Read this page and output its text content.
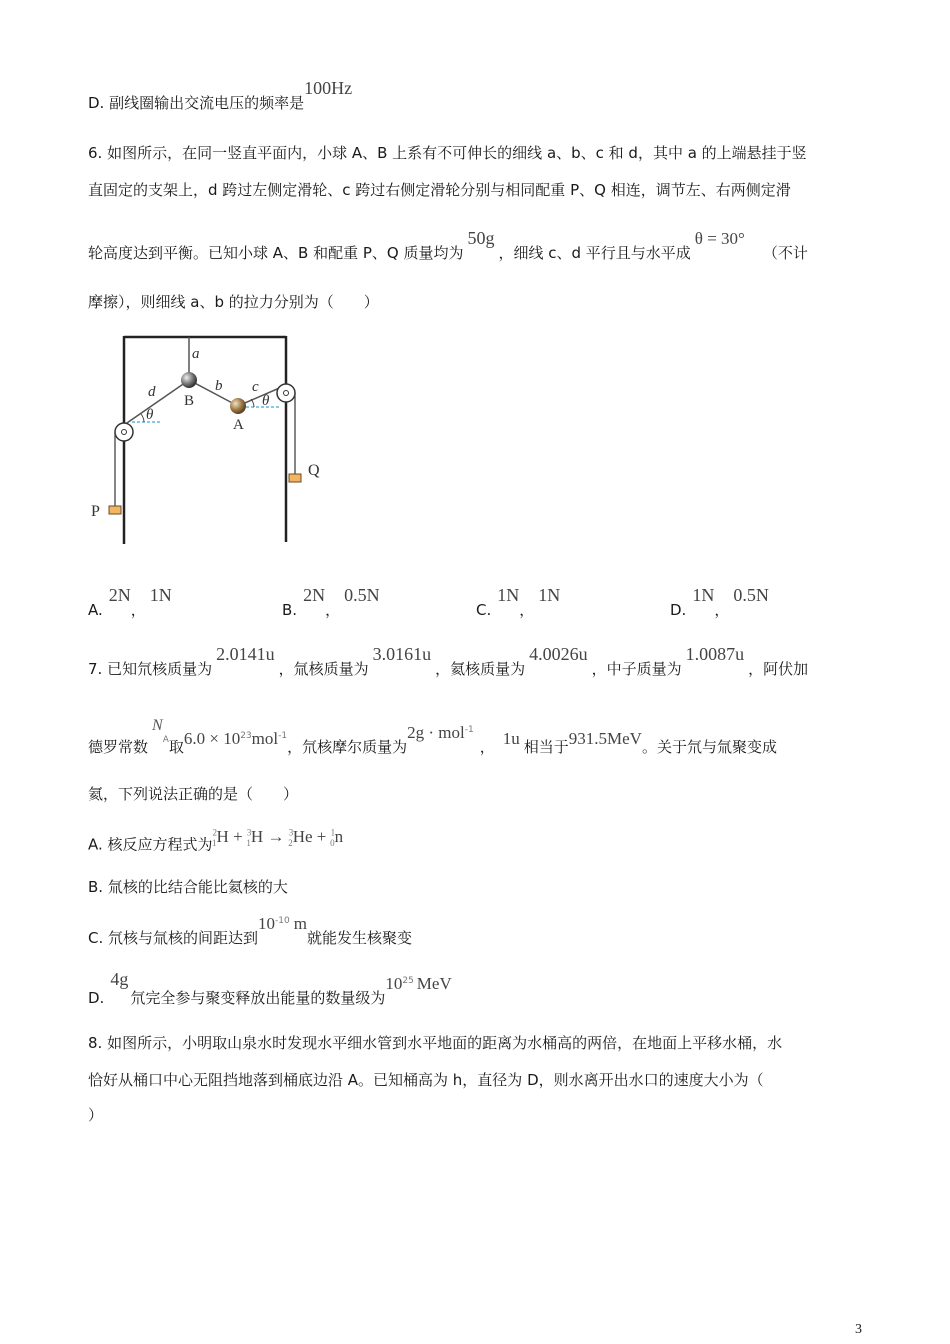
D. 副线圈输出交流电压的频率是100Hz
6. 如图所示，在同一竖直平面内，小球 A、B 上系有不可伸长的细线 a、b、c 和 d，其中 a 的上端悬挂于竖
直固定的支架上，d 跨过左侧定滑轮、c 跨过右侧定滑轮分别与相同配重 P、Q 相连，调节左、右两侧定滑
轮高度达到平衡。已知小球 A、B 和配重 P、Q 质量均为50g，细线 c、d 平行且与水平成θ = 30°（不计
摩擦），则细线 a、b 的拉力分别为（　　）
a
d	b c
B
A
θ
θ
Q
P
A.2N，1N
B.2N，0.5N
C.1N，1N
D.1N，0.5N
7. 已知氘核质量为2.0141u，氚核质量为3.0161u，氦核质量为4.0026u，中子质量为1.0087u，阿伏加
德罗常数$N_A$取$6.0 \times 10^{23}mol^{-1}$，氘核摩尔质量为2g · mol$^{-1}$， 1u 相当于931.5MeV。关于氘与氚聚变成
氦，下列说法正确的是（　　）
A. 核反应方程式为$^2_1$H + $^3_1$H → $^3_2$He + $^1_0$n
B. 氚核的比结合能比氦核的大
C. 氘核与氚核的间距达到$10^{-10}$ m就能发生核聚变
D.4g氘完全参与聚变释放出能量的数量级为$10^{25}$ MeV
8. 如图所示，小明取山泉水时发现水平细水管到水平地面的距离为水桶高的两倍，在地面上平移水桶，水
恰好从桶口中心无阻挡地落到桶底边沿 A。已知桶高为 h，直径为 D，则水离开出水口的速度大小为（
）
3
